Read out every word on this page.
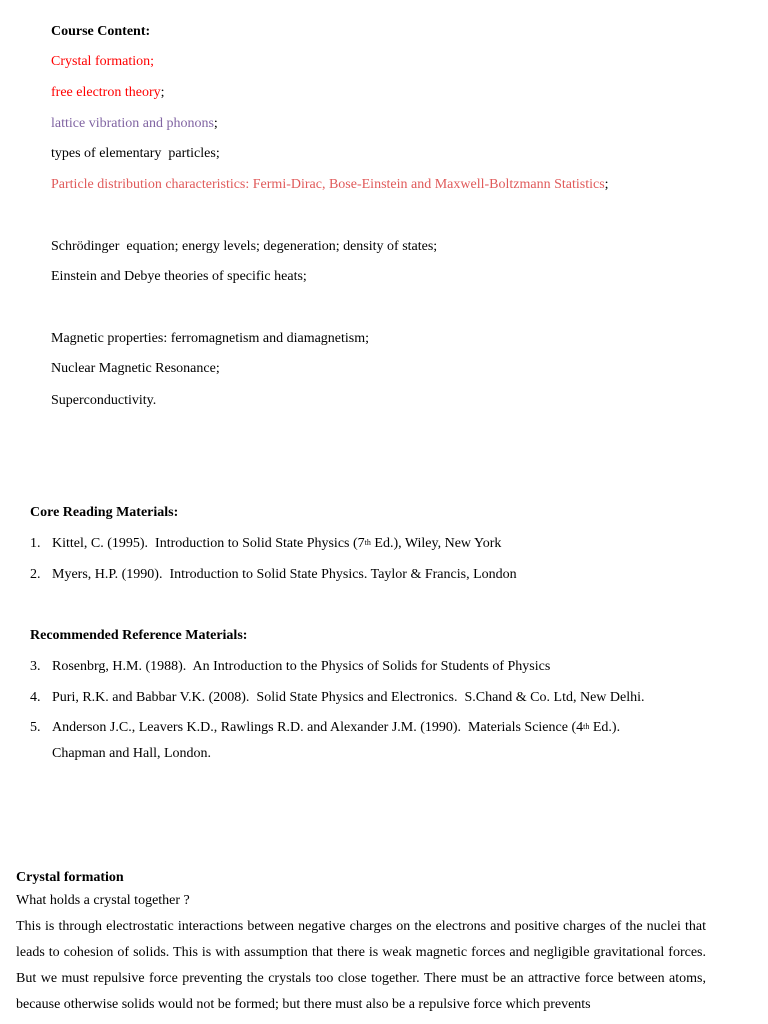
Course Content:
Crystal formation;
free electron theory;
lattice vibration and phonons;
types of elementary  particles;
Particle distribution characteristics: Fermi-Dirac, Bose-Einstein and Maxwell-Boltzmann Statistics;
Schrödinger  equation; energy levels; degeneration; density of states;
Einstein and Debye theories of specific heats;
Magnetic properties: ferromagnetism and diamagnetism;
Nuclear Magnetic Resonance;
Superconductivity.
Core Reading Materials:
1. Kittel, C. (1995).  Introduction to Solid State Physics (7th Ed.), Wiley, New York
2. Myers, H.P. (1990).  Introduction to Solid State Physics. Taylor & Francis, London
Recommended Reference Materials:
3. Rosenbrg, H.M. (1988).  An Introduction to the Physics of Solids for Students of Physics
4. Puri, R.K. and Babbar V.K. (2008).  Solid State Physics and Electronics.  S.Chand & Co. Ltd, New Delhi.
5. Anderson J.C., Leavers K.D., Rawlings R.D. and Alexander J.M. (1990).  Materials Science (4th Ed.).
Chapman and Hall, London.
Crystal formation
What holds a crystal together ?

This is through electrostatic interactions between negative charges on the electrons and positive charges of the nuclei that leads to cohesion of solids. This is with assumption that there is weak magnetic forces and negligible gravitational forces. But we must repulsive force preventing the crystals too close together. There must be an attractive force between atoms, because otherwise solids would not be formed; but there must also be a repulsive force which prevents
